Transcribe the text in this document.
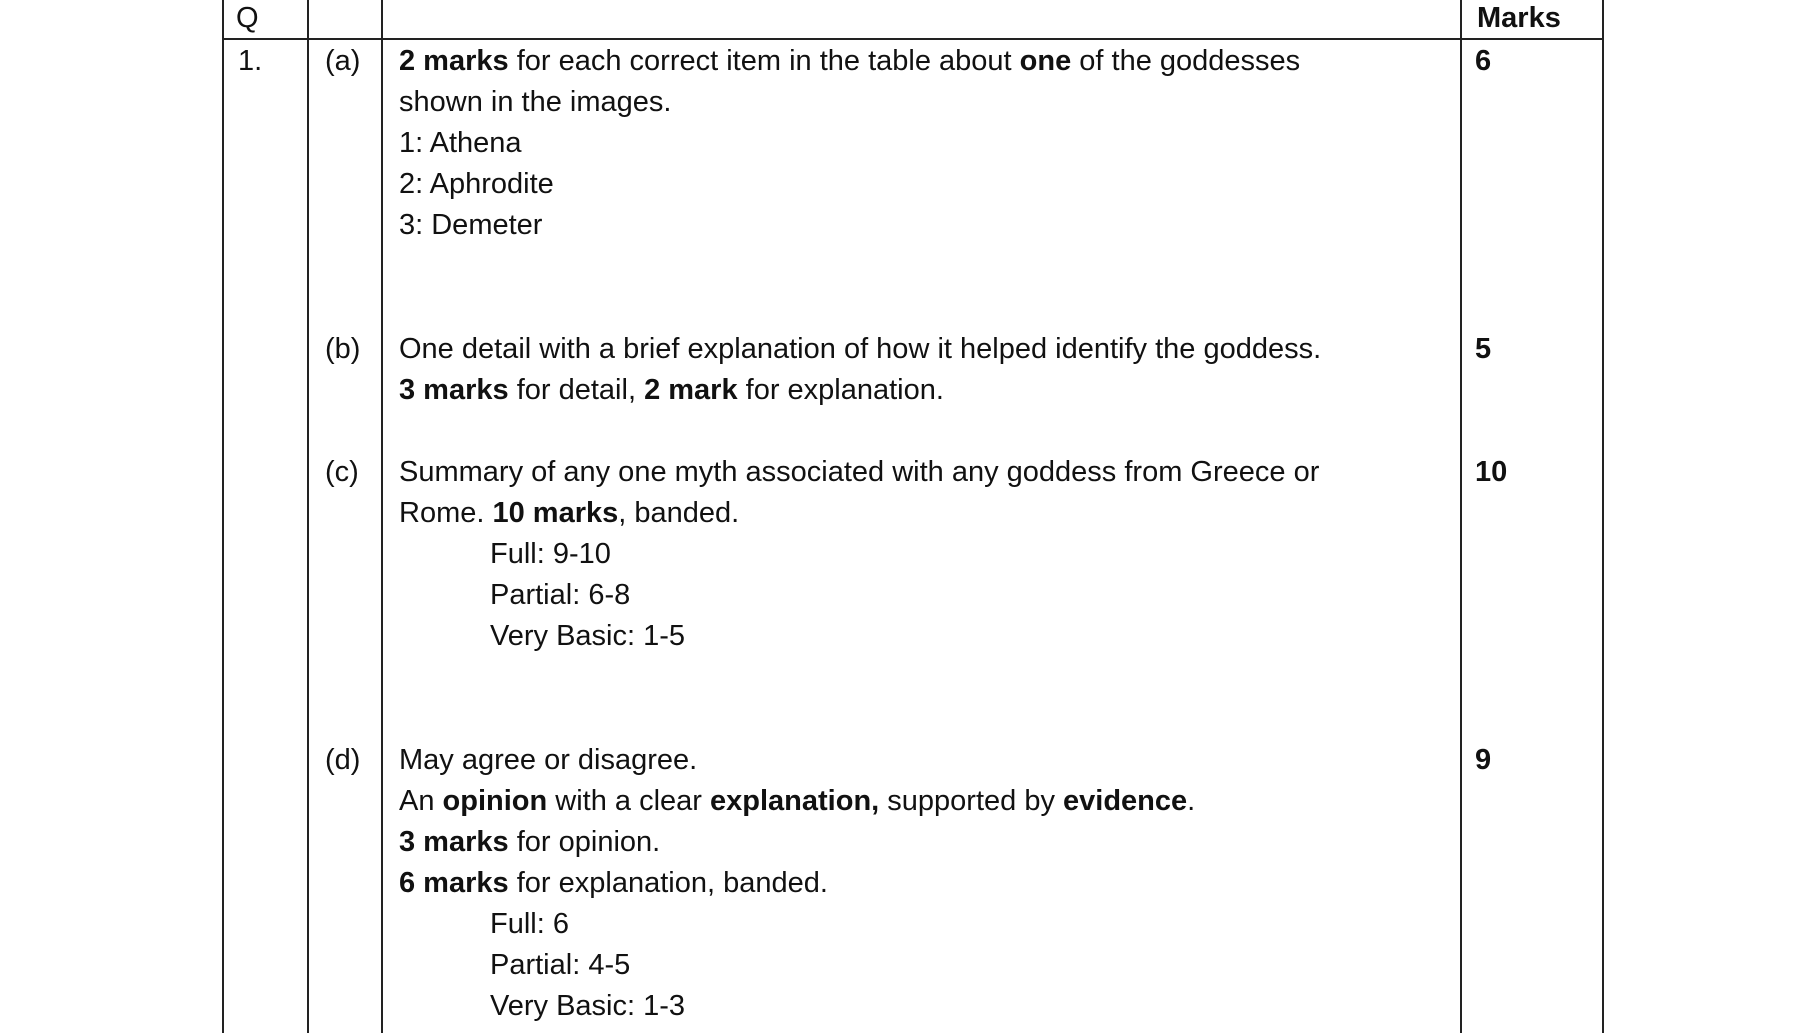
Q	Marks
1. (a)
(b)
(c)
(d)
6
5
10
9
2 marks for each correct item in the table about one of the goddesses
shown in the images.
1: Athena
2: Aphrodite
3: Demeter
One detail with a brief explanation of how it helped identify the goddess.
3 marks for detail, 2 mark for explanation.
Summary of any one myth associated with any goddess from Greece or
Rome. 10 marks, banded.
Full: 9-10
Partial: 6-8
Very Basic: 1-5
May agree or disagree.
An opinion with a clear explanation, supported by evidence.
3 marks for opinion.
6 marks for explanation, banded.
Full: 6
Partial: 4-5
Very Basic: 1-3
